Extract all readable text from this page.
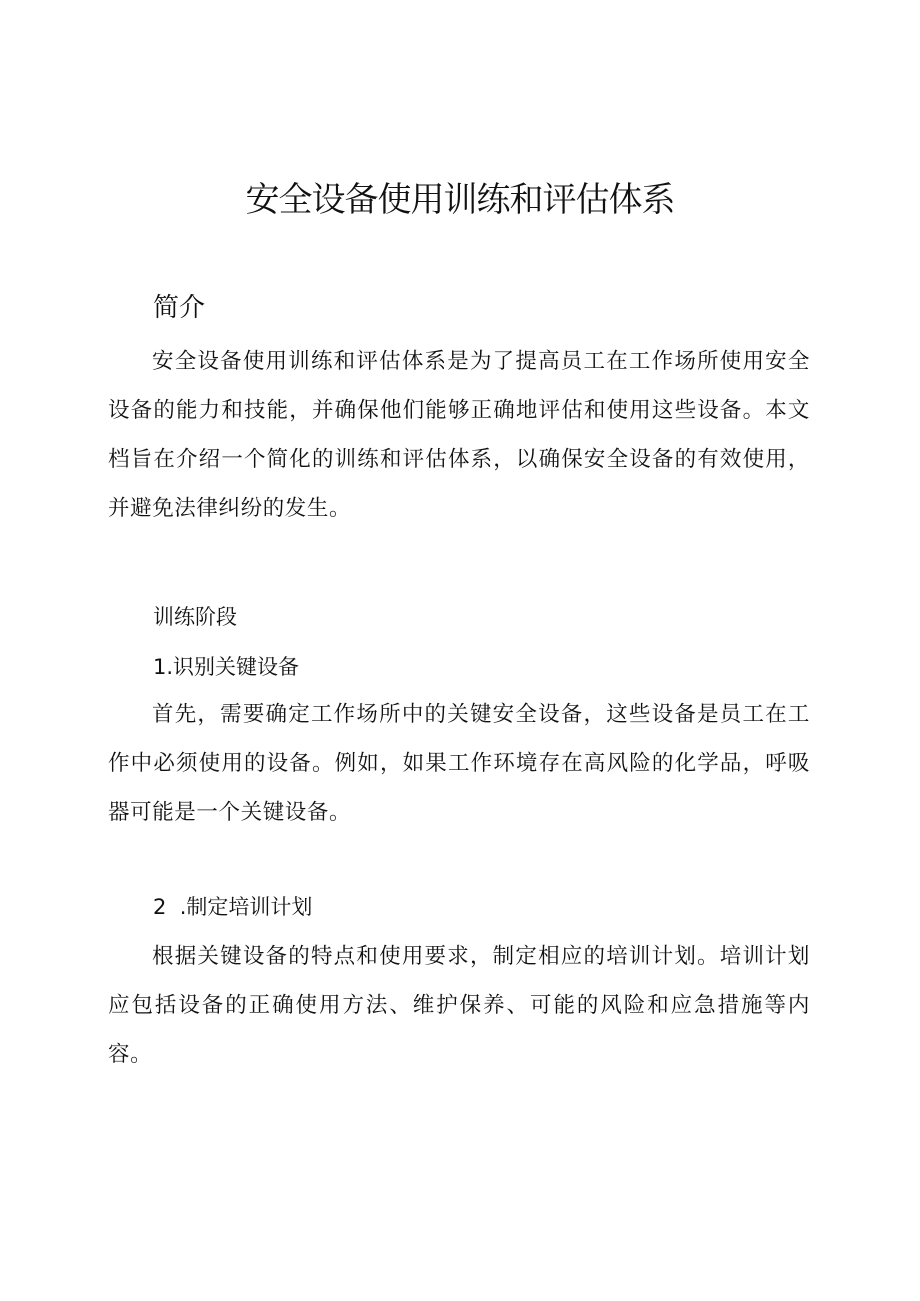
安全设备使用训练和评估体系
简介

安全设备使用训练和评估体系是为了提高员工在工作场所使用安全设备的能力和技能，并确保他们能够正确地评估和使用这些设备。本文档旨在介绍一个简化的训练和评估体系，以确保安全设备的有效使用，并避免法律纠纷的发生。

训练阶段
1.识别关键设备

首先，需要确定工作场所中的关键安全设备，这些设备是员工在工作中必须使用的设备。例如，如果工作环境存在高风险的化学品，呼吸器可能是一个关键设备。

2  .制定培训计划

根据关键设备的特点和使用要求，制定相应的培训计划。培训计划应包括设备的正确使用方法、维护保养、可能的风险和应急措施等内容。
